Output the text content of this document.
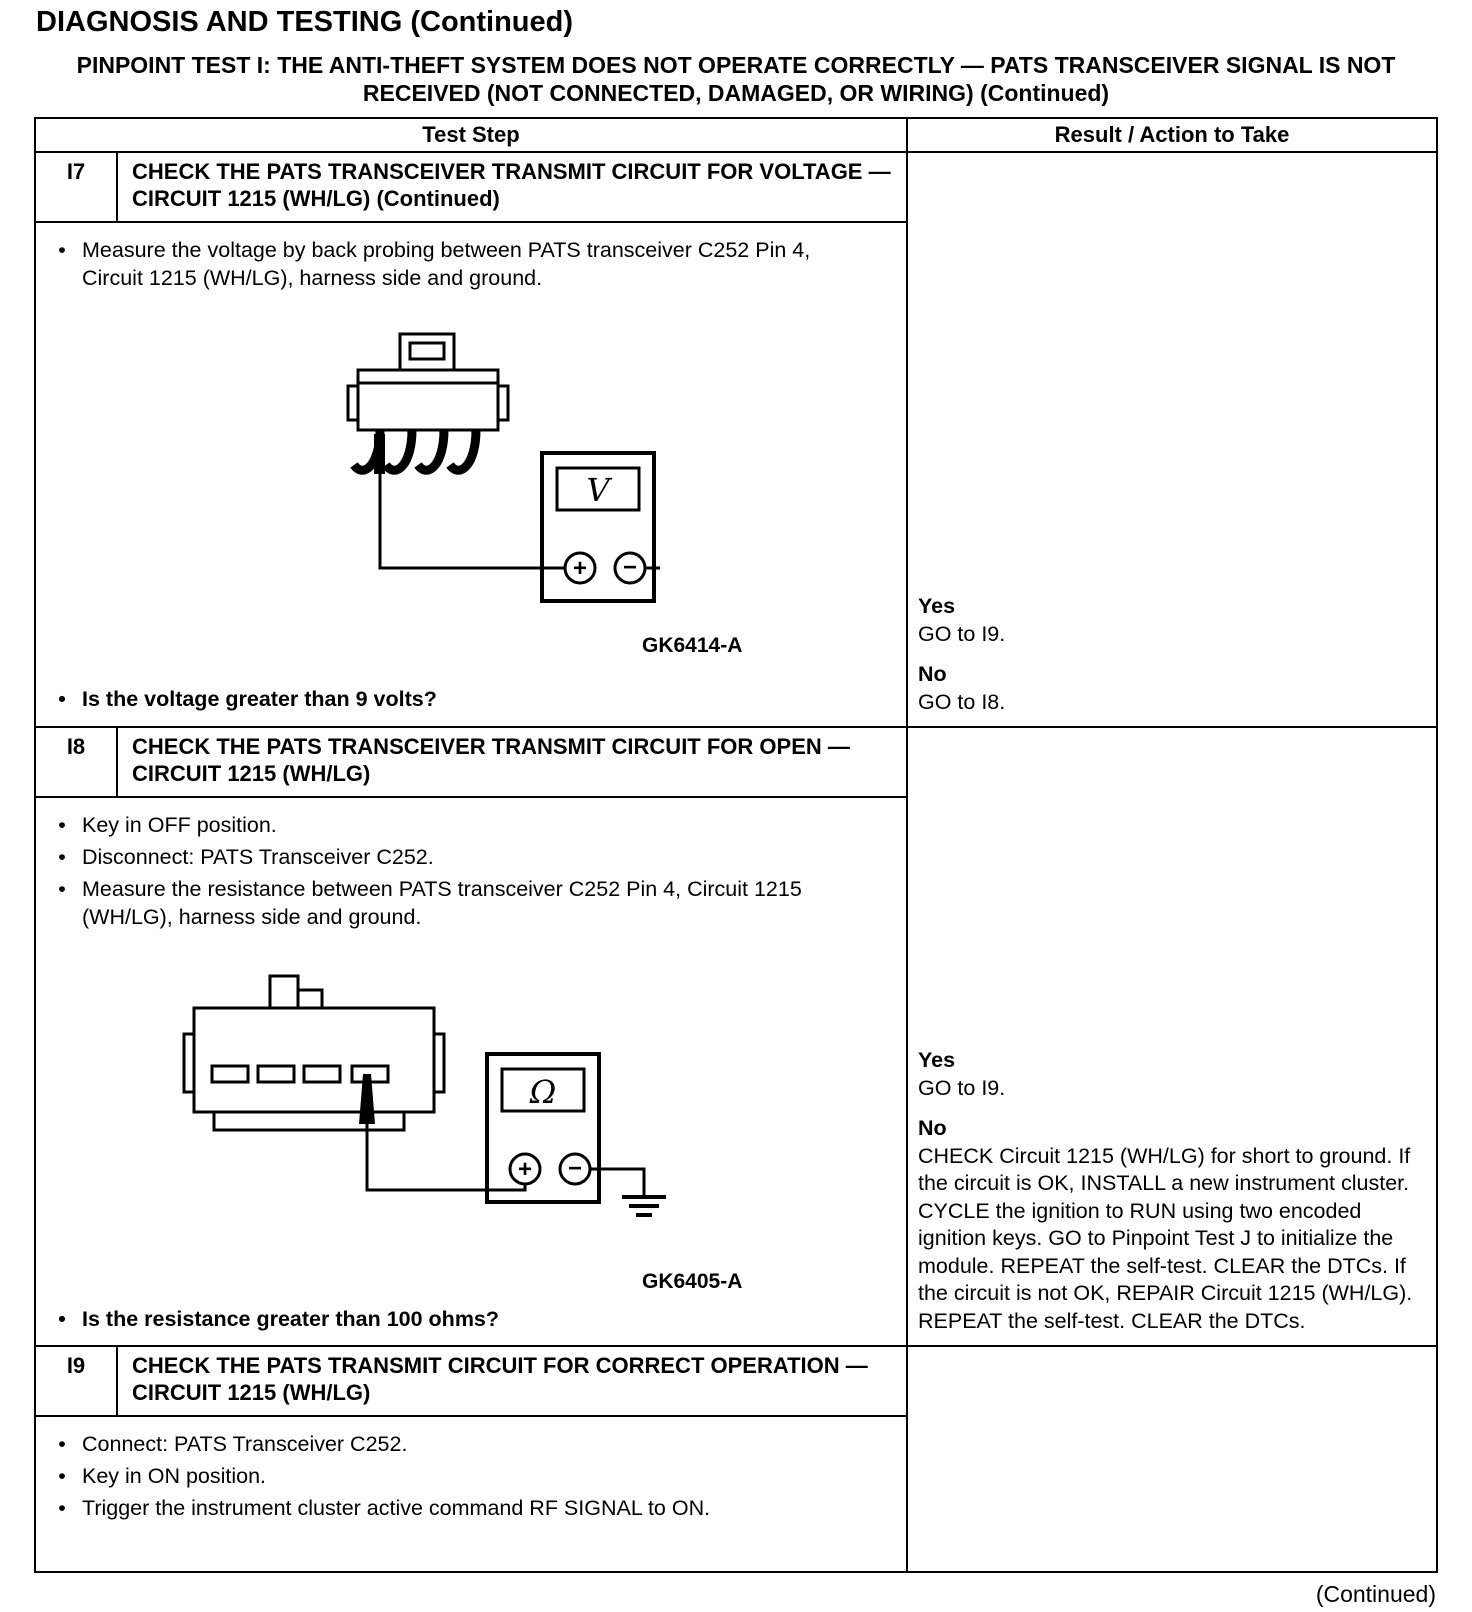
DIAGNOSIS AND TESTING (Continued)
PINPOINT TEST I: THE ANTI-THEFT SYSTEM DOES NOT OPERATE CORRECTLY — PATS TRANSCEIVER SIGNAL IS NOT RECEIVED (NOT CONNECTED, DAMAGED, OR WIRING) (Continued)
Test Step	Result / Action to Take
I7	CHECK THE PATS TRANSCEIVER TRANSMIT CIRCUIT FOR VOLTAGE — CIRCUIT 1215 (WH/LG) (Continued)
• Measure the voltage by back probing between PATS transceiver C252 Pin 4, Circuit 1215 (WH/LG), harness side and ground.
V
+ −
GK6414-A
• Is the voltage greater than 9 volts?
Yes
GO to I9.
No
GO to I8.
I8	CHECK THE PATS TRANSCEIVER TRANSMIT CIRCUIT FOR OPEN — CIRCUIT 1215 (WH/LG)
• Key in OFF position.
• Disconnect: PATS Transceiver C252.
• Measure the resistance between PATS transceiver C252 Pin 4, Circuit 1215 (WH/LG), harness side and ground.
Ω
+ −
GK6405-A
• Is the resistance greater than 100 ohms?
Yes
GO to I9.
No
CHECK Circuit 1215 (WH/LG) for short to ground. If the circuit is OK, INSTALL a new instrument cluster.
CYCLE the ignition to RUN using two encoded ignition keys. GO to Pinpoint Test J to initialize the module. REPEAT the self-test. CLEAR the DTCs. If the circuit is not OK, REPAIR Circuit 1215 (WH/LG). REPEAT the self-test. CLEAR the DTCs.
I9	CHECK THE PATS TRANSMIT CIRCUIT FOR CORRECT OPERATION — CIRCUIT 1215 (WH/LG)
• Connect: PATS Transceiver C252.
• Key in ON position.
• Trigger the instrument cluster active command RF SIGNAL to ON.
(Continued)
